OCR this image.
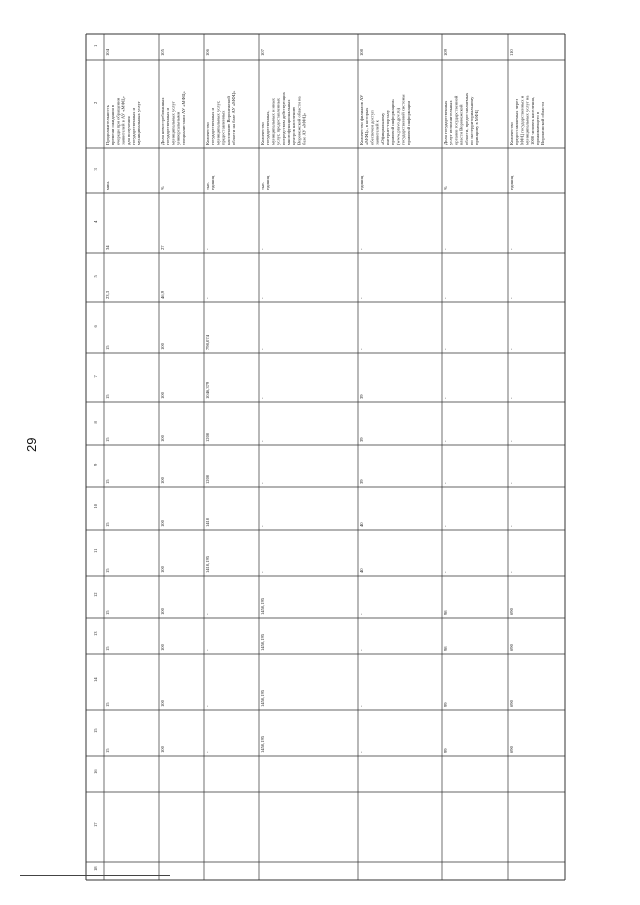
29
1
2
3
4
5
6
7
8
9
10
11
12
13
14
15
16
17
18
104
Продолжительность времени ожидания в очереди при обращении заявителей в АУ «МФЦ» для получения государственных и муниципальных услуг
мин.
34
23,3
15
15
15
15
15
15
15
15
15
15
105
Доля невостребованных государственных и муниципальных услуг универсальными специалистами АУ «МФЦ»
%
27
46,9
100
100
100
100
100
100
100
100
100
100
106
Количество государственных и муниципальных услуг, предоставленных населению Воронежской области на базе АУ «МФЦ»
тыс. единиц
-
-
798,074
1046,379
1200
1200
1410
1410,195
-
-
-
-
107
Количество государственных, муниципальных и иных услуг, предоставленных посредством действующих многофункциональных центров населению Воронежской области на базе АУ «МФЦ»
тыс. единиц
-
-
-
-
-
-
-
-
1450,195
1450,195
1450,195
1450,195
108
Количество филиалов АУ «МФЦ», в которых обеспечен доступ заявителей к «Официальному интернет-порталу правовой информации» (www.pravo.gov.ru) государственной системы правовой информации
единиц
-
-
-
39
39
39
40
40
-
-
-
-
109
Доля государственных услуг исполнительных органов государственной власти Воронежской области, предоставляемых по экстерриториальному принципу в МФЦ
%
-
-
-
-
-
-
-
-
98
98
99
99
110
Количество предоставляемых через МФЦ государственных и муниципальных услуг на 1000 человек населения, проживающего в Воронежской области
единиц
-
-
-
-
-
-
-
-
690
690
690
690
